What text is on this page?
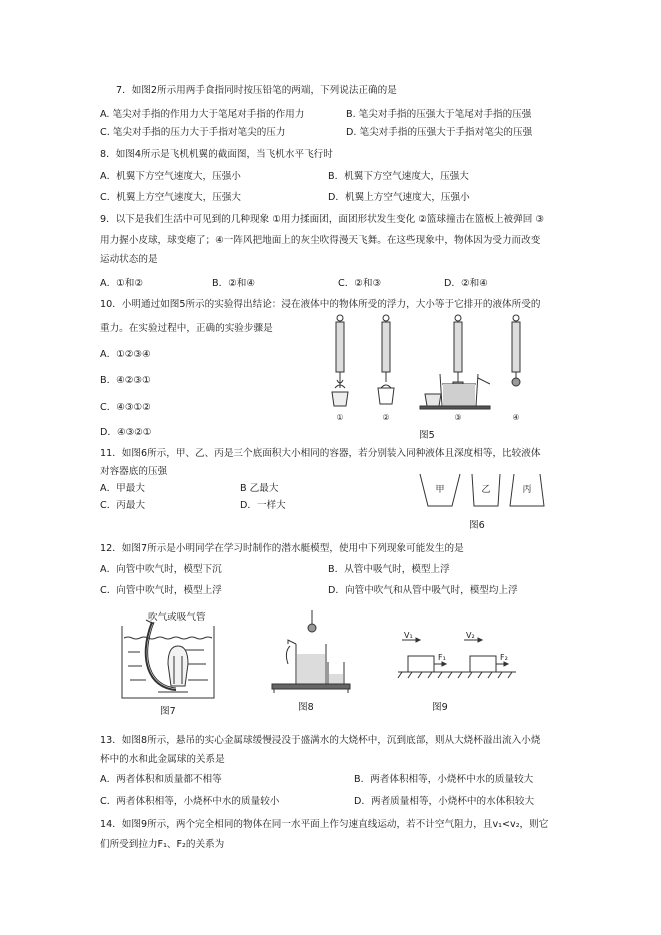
7．如图2所示用两手食指同时按压铅笔的两端，下列说法正确的是
A. 笔尖对手指的作用力大于笔尾对手指的作用力	B. 笔尖对手指的压强大于笔尾对手指的压强
C. 笔尖对手指的压力大于手指对笔尖的压力	D. 笔尖对手指的压强大于手指对笔尖的压强
8．如图4所示是飞机机翼的截面图，当飞机水平飞行时
A．机翼下方空气速度大，压强小	B．机翼下方空气速度大，压强大
C．机翼上方空气速度大，压强大	D．机翼上方空气速度大，压强小
9．以下是我们生活中可见到的几种现象 ①用力揉面团，面团形状发生变化 ②篮球撞击在篮板上被弹回 ③
用力握小皮球，球变瘪了；④一阵风把地面上的灰尘吹得漫天飞舞。在这些现象中，物体因为受力而改变
运动状态的是
A．①和②	B．②和④	C．②和③	D．②和④
10．小明通过如图5所示的实验得出结论：浸在液体中的物体所受的浮力，大小等于它排开的液体所受的
重力。在实验过程中，正确的实验步骤是
A．①②③④
B．④②③①
C．④③①②
D．④③②①
①	②	③	④
图5
11．如图6所示，甲、乙、丙是三个底面积大小相同的容器，若分别装入同种液体且深度相等，比较液体
对容器底的压强
A．甲最大	B 乙最大
C．丙最大	D．一样大
甲	乙	丙
图6
12．如图7所示是小明同学在学习时制作的潜水艇模型，使用中下列现象可能发生的是
A．向管中吹气时，模型下沉	B．从管中吸气时，模型上浮
C．向管中吹气时，模型上浮	D．向管中吹气和从管中吸气时，模型均上浮
吹气或吸气管
图7	图8
V₁	V₂
F₁	F₂
图9
13．如图8所示，悬吊的实心金属球缓慢浸没于盛满水的大烧杯中，沉到底部，则从大烧杯溢出流入小烧
杯中的水和此金属球的关系是
A．两者体积和质量都不相等	B．两者体积相等，小烧杯中水的质量较大
C．两者体积相等，小烧杯中水的质量较小	D．两者质量相等，小烧杯中的水体积较大
14．如图9所示，两个完全相同的物体在同一水平面上作匀速直线运动，若不计空气阻力，且v₁<v₂，则它
们所受到拉力F₁、F₂的关系为
